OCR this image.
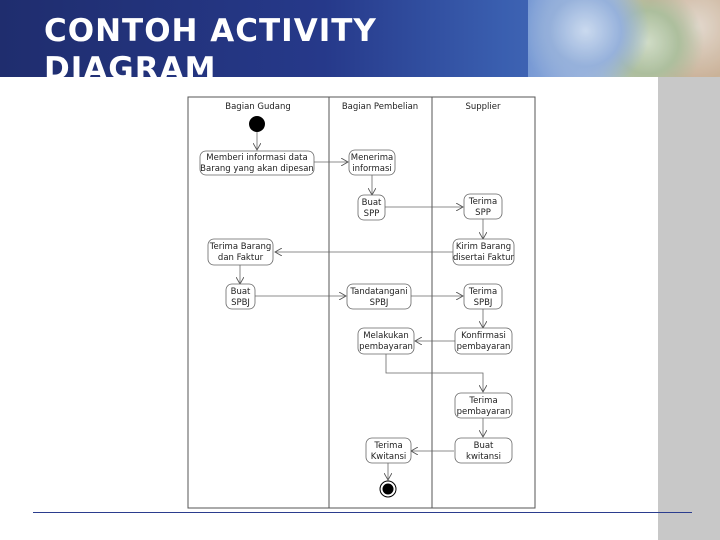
CONTOH ACTIVITY
DIAGRAM
Bagian Gudang	Bagian Pembelian	Supplier
Memberi informasi data
Barang yang akan dipesan
Menerima
informasi
Buat
SPP
Terima
SPP
Kirim Barang
disertai Faktur
Terima Barang
dan Faktur
Buat
SPBJ
Tandatangani
SPBJ
Terima
SPBJ
Konfirmasi
pembayaran
Melakukan
pembayaran
Terima
pembayaran
Buat
kwitansi
Terima
Kwitansi
